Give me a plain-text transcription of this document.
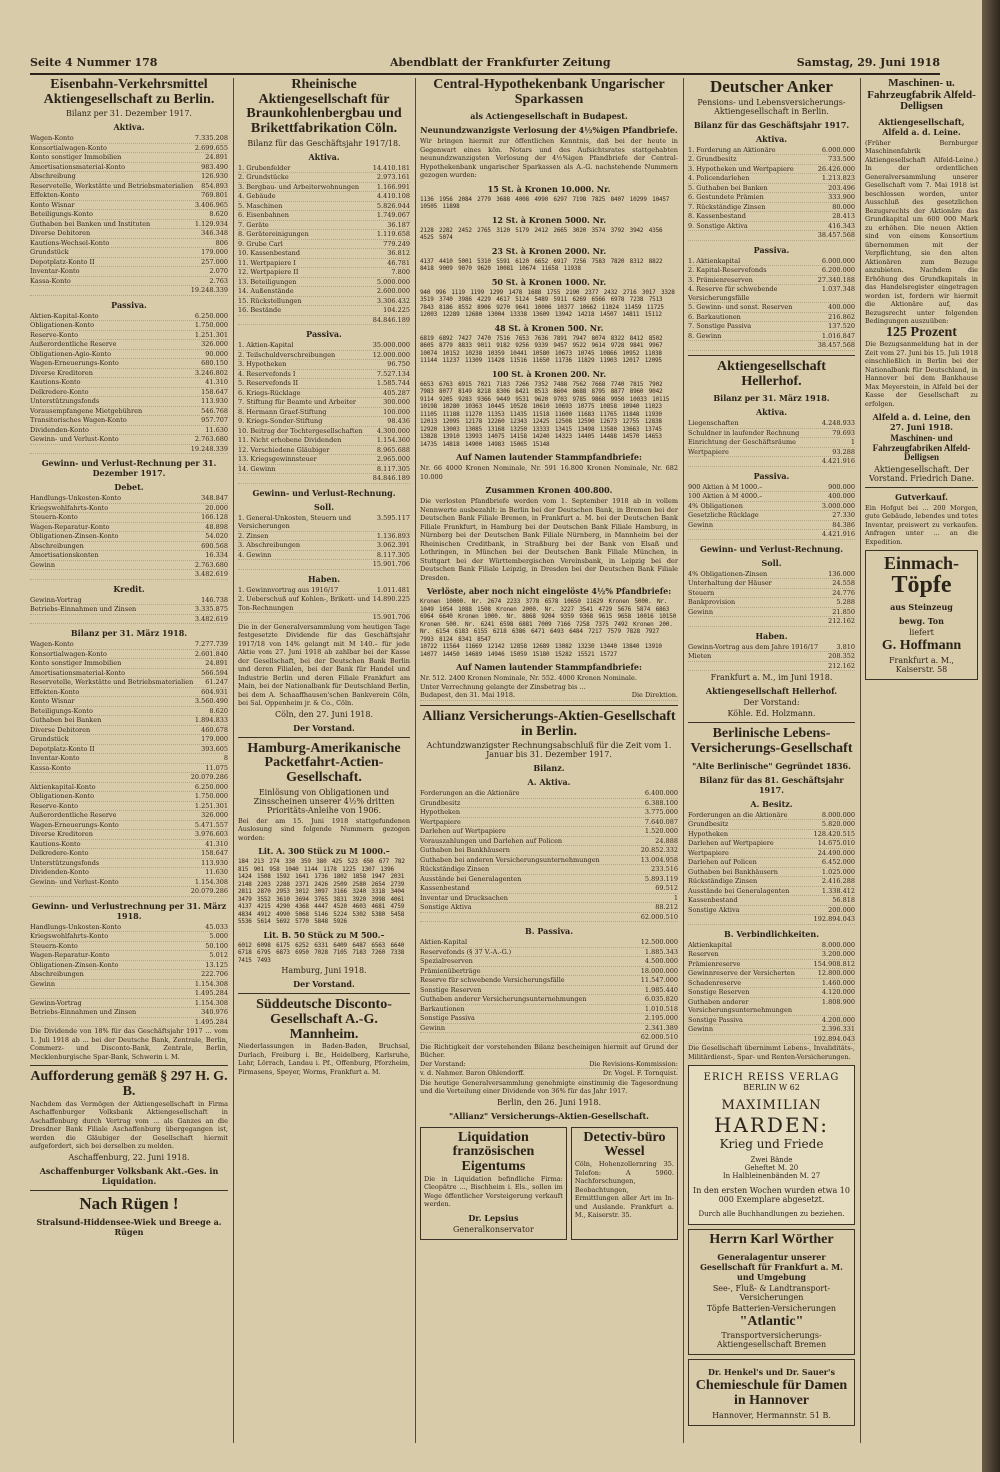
Seite 4 Nummer 178	Abendblatt der Frankfurter Zeitung	Samstag, 29. Juni 1918
Eisenbahn-Verkehrsmittel Aktiengesellschaft zu Berlin.
Bilanz per 31. Dezember 1917.
Aktiva.
Wagen-Konto	7.335.208
Konsortialwagen-Konto	2.699.655
Konto sonstiger Immobilien	24.891
Amortisationsmaterial-Konto	983.490
Abschreibung	126.930
Reservetelle, Werkstätte und Betriebsmaterialien 854.893
Effekten-Konto	769.801
Konto Wisnar	3.406.965
Beteiligungs-Konto	8.620
Guthaben bei Banken und Instituten	1.129.934
Diverse Debitoren	346.348
Kautions-Wechsel-Konto	806
Grundstück	179.000
Depotplatz-Konto II	257.000
Inventar-Konto	2.070
Kassa-Konto	2.763
19.248.339
Passiva.
Aktien-Kapital-Konto	6.250.000
Obligationen-Konto	1.750.000
Reserve-Konto	1.251.301
Außerordentliche Reserve	326.000
Obligationen-Agio-Konto	90.000
Wagen-Erneuerungs-Konto	680.150
Diverse Kreditoren	3.246.802
Kautions-Konto	41.310
Delkredere-Konto	158.647
Unterstützungsfonds	113.930
Vorausempfangene Mietgebühren	546.768
Transitorisches Wagen-Konto	957.707
Dividenden-Konto	11.630
Gewinn- und Verlust-Konto	2.763.680
19.248.339
Gewinn- und Verlust-Rechnung per 31. Dezember 1917.
Debet.
Handlungs-Unkosten-Konto	348.847
Kriegswohlfahrts-Konto	20.000
Steuern-Konto	166.128
Wagen-Reparatur-Konto	48.898
Obligationen-Zinsen-Konto	54.020
Abschreibungen	690.568
Amortisationskonten	16.334
Gewinn	2.763.680
3.482.619
Kredit.
Gewinn-Vortrag	146.738
Betriebs-Einnahmen und Zinsen	3.335.875
3.482.619
Bilanz per 31. März 1918.
Wagen-Konto	7.277.739
Konsortialwagen-Konto	2.601.840
Konto sonstiger Immobilien	24.891
Amortisationsmaterial-Konto	566.594
Reservetelle, Werkstätte und Betriebsmaterialien 61.247
Effekten-Konto	604.931
Konto Wisnar	3.560.490
Beteiligungs-Konto	8.620
Guthaben bei Banken	1.894.833
Diverse Debitoren	460.678
Grundstück	179.000
Depotplatz-Konto II	393.605
Inventar-Konto	8
Kassa-Konto	11.075
20.079.286
Aktienkapital-Konto	6.250.000
Obligationen-Konto	1.750.000
Reserve-Konto	1.251.301
Außerordentliche Reserve	326.000
Wagen-Erneuerungs-Konto	5.471.557
Diverse Kreditoren	3.976.603
Kautions-Konto	41.310
Delkredere-Konto	158.647
Unterstützungsfonds	113.930
Dividenden-Konto	11.630
Gewinn- und Verlust-Konto	1.154.308
20.079.286
Gewinn- und Verlustrechnung per 31. März 1918.
Handlungs-Unkosten-Konto	45.033
Kriegswohlfahrts-Konto	5.000
Steuern-Konto	50.100
Wagen-Reparatur-Konto	5.012
Obligationen-Zinsen-Konto	13.125
Abschreibungen	222.706
Gewinn	1.154.308
1.495.284
Gewinn-Vortrag	1.154.308
Betriebs-Einnahmen und Zinsen	340.976
1.495.284
Die Dividende von 18% für das Geschäftsjahr 1917 ... vom 1. Juli 1918 ab ... bei der Deutsche Bank, Zentrale, Berlin, Commerz- und Disconto-Bank, Zentrale, Berlin, Mecklenburgische Spar-Bank, Schwerin i. M.
Aufforderung gemäß § 297 H. G. B.
Nachdem das Vermögen der Aktiengesellschaft in Firma Aschaffenburger Volksbank Aktiengesellschaft in Aschaffenburg durch Vertrag vom ... als Ganzes an die Dresdner Bank Filiale Aschaffenburg übergegangen ist, werden die Gläubiger der Gesellschaft hiermit aufgefordert, sich bei derselben zu melden.
Aschaffenburg, 22. Juni 1918.
Aschaffenburger Volksbank Akt.-Ges. in Liquidation.
Nach Rügen !
Stralsund-Hiddensee-Wiek und Breege a. Rügen
Rheinische Aktiengesellschaft für Braunkohlenbergbau und Brikettfabrikation Cöln.
Bilanz für das Geschäftsjahr 1917/18.
Aktiva.
1. Grubenfelder	14.410.181
2. Grundstücke	2.973.161
3. Bergbau- und Arbeiterwohnungen	1.166.991
4. Gebäude	4.410.108
5. Maschinen	5.826.944
6. Eisenbahnen	1.749.067
7. Geräte	36.187
8. Gerätereinigungen	1.119.658
9. Grube Carl	779.249
10. Kassenbestand	36.812
11. Wertpapiere I	46.781
12. Wertpapiere II	7.800
13. Beteiligungen	5.000.000
14. Außenstände	2.600.000
15. Rückstellungen	3.306.432
16. Bestände	104.225
84.846.189
Passiva.
1. Aktien-Kapital	35.000.000
2. Teilschuldverschreibungen	12.000.000
3. Hypotheken	96.750
4. Reservefonds I	7.527.134
5. Reservefonds II	1.585.744
6. Kriegs-Rücklage	405.287
7. Stiftung für Beamte und Arbeiter	300.000
8. Hermann Graef-Stiftung	100.000
9. Kriegs-Sonder-Stiftung	98.436
10. Beitrag der Tochtergesellschaften 4.300.000
11. Nicht erhobene Dividenden	1.154.360
12. Verschiedene Gläubiger	8.965.688
13. Kriegsgewinnsteuer	2.965.000
14. Gewinn	8.117.305
84.846.189
Gewinn- und Verlust-Rechnung.
Soll.
1. General-Unkosten, Steuern und Versicherungen
3.595.117
2. Zinsen	1.136.893
3. Abschreibungen	3.062.391
4. Gewinn	8.117.305
15.901.706
Haben.
1. Gewinnvortrag aus 1916/17	1.011.481
2. Ueberschuß auf Kohlen-, Brikett- und Ton-Rechnungen
14.890.225
15.901.706
Die in der Generalversammlung vom heutigen Tage festgesetzte Dividende für das Geschäftsjahr 1917/18 von 14% gelangt mit M 140.– für jede Aktie vom 27. Juni 1918 ab zahlbar bei der Kasse der Gesellschaft, bei der Deutschen Bank Berlin und deren Filialen, bei der Bank für Handel und Industrie Berlin und deren Filiale Frankfurt am Main, bei der Nationalbank für Deutschland Berlin, bei dem A. Schaaffhausen'schen Bankverein Cöln, bei Sal. Oppenheim jr. & Co., Cöln.
Cöln, den 27. Juni 1918.
Der Vorstand.
Hamburg-Amerikanische Packetfahrt-Actien-Gesellschaft.
Einlösung von Obligationen und Zinsscheinen unserer 4½% dritten Prioritäts-Anleihe von 1906.
Bei der am 15. Juni 1918 stattgefundenen Auslosung sind folgende Nummern gezogen worden:
Lit. A. 300 Stück zu M 1000.–
184 213 274 330 359 380 425 523 650 677 782 815 901 958 1040 1144 1178 1225 1307 1396 1424 1508 1592 1641 1736 1802 1858 1947 2031 2148 2203 2288 2371 2426 2509 2580 2654 2739 2811 2870 2953 3012 3097 3166 3240 3318 3404 3479 3552 3610 3694 3765 3831 3920 3998 4061 4137 4215 4290 4368 4447 4520 4603 4681 4759 4834 4912 4990 5068 5146 5224 5302 5380 5458 5536 5614 5692 5770 5848 5926
Lit. B. 50 Stück zu M 500.–
6012 6098 6175 6252 6331 6409 6487 6563 6640 6718 6795 6873 6950 7028 7105 7183 7260 7338 7415 7493
Hamburg, Juni 1918.
Der Vorstand.
Süddeutsche Disconto-Gesellschaft A.-G. Mannheim.
Niederlassungen in Baden-Baden, Bruchsal, Durlach, Freiburg i. Br., Heidelberg, Karlsruhe, Lahr, Lörrach, Landau i. Pf., Offenburg, Pforzheim, Pirmasens, Speyer, Worms, Frankfurt a. M.
Central-Hypothekenbank Ungarischer Sparkassen
als Actiengesellschaft in Budapest.
Neunundzwanzigste Verlosung der 4½%igen Pfandbriefe.
Wir bringen hiermit zur öffentlichen Kenntnis, daß bei der heute in Gegenwart eines kön. Notars und des Aufsichtsrates stattgehabten neunundzwanzigsten Verlosung der 4½%igen Pfandbriefe der Central-Hypothekenbank ungarischer Sparkassen als A.-G. nachstehende Nummern gezogen wurden:
15 St. à Kronen 10.000. Nr.
1136 1956 2084 2779 3688 4008 4990 6297 7198 7825 8407 10299 10457 10505 11898
12 St. à Kronen 5000. Nr.
2128 2282 2452 2765 3120 5179 2412 2665 3020 3574 3792 3942 4356 4525 5074
23 St. à Kronen 2000. Nr.
4137 4410 5001 5310 5591 6120 6652 6917 7256 7583 7820 8312 8822 8418 9009 9070 9620 10081 10674 11658 11938
50 St. à Kronen 1000. Nr.
940 996 1119 1199 1299 1478 1688 1755 2190 2377 2432 2716 3017 3328 3519 3740 3986 4229 4617 5124 5489 5911 6269 6566 6978 7238 7513 7843 8186 8552 8906 9270 9641 10006 10377 10662 11024 11459 11725 12003 12289 12680 13004 13338 13609 13942 14218 14507 14811 15112
48 St. à Kronen 500. Nr.
6819 6892 7427 7470 7516 7653 7636 7891 7947 8074 8322 8412 8502 8605 8779 8833 9011 9182 9256 9339 9457 9522 9614 9728 9841 9967 10074 10152 10238 10359 10441 10580 10673 10745 10866 10952 11038 11144 11237 11309 11428 11516 11650 11736 11829 11903 12017 12095
100 St. à Kronen 200. Nr.
6653 6763 6915 7021 7183 7266 7352 7488 7562 7668 7740 7815 7902 7983 8077 8149 8218 8306 8421 8513 8604 8688 8795 8877 8960 9042 9114 9205 9283 9366 9449 9531 9620 9703 9785 9868 9950 10033 10115 10198 10280 10363 10445 10528 10610 10693 10775 10858 10940 11023 11105 11188 11270 11353 11435 11518 11600 11683 11765 11848 11930 12013 12095 12178 12260 12343 12425 12508 12590 12673 12755 12838 12920 13003 13085 13168 13250 13333 13415 13498 13580 13663 13745 13828 13910 13993 14075 14158 14240 14323 14405 14488 14570 14653 14735 14818 14900 14983 15065 15148
Auf Namen lautender Stammpfandbriefe:
Nr. 66 4000 Kronen Nominale, Nr. 591 16.800 Kronen Nominale, Nr. 682 10.000
Zusammen Kronen 400.800.
Die verlosten Pfandbriefe werden vom 1. September 1918 ab in vollem Nennwerte ausbezahlt: in Berlin bei der Deutschen Bank, in Bremen bei der Deutschen Bank Filiale Bremen, in Frankfurt a. M. bei der Deutschen Bank Filiale Frankfurt, in Hamburg bei der Deutschen Bank Filiale Hamburg, in Nürnberg bei der Deutschen Bank Filiale Nürnberg, in Mannheim bei der Rheinischen Creditbank, in Straßburg bei der Bank von Elsaß und Lothringen, in München bei der Deutschen Bank Filiale München, in Stuttgart bei der Württembergischen Vereinsbank, in Leipzig bei der Deutschen Bank Filiale Leipzig, in Dresden bei der Deutschen Bank Filiale Dresden.
Verlöste, aber noch nicht eingelöste 4½% Pfandbriefe:
Kronen 10000. Nr. 2674 2233 3778 6578 10650 11629 Kronen 5000. Nr. 1049 1054 1088 1508 Kronen 2000. Nr. 3227 3541 4729 5676 5874 6863 6964 6640 Kronen 1000. Nr. 8868 9204 9359 9368 9615 9658 10016 10150 Kronen 500. Nr. 6241 6598 6881 7009 7166 7258 7375 7492 Kronen 200. Nr. 6154 6183 6155 6218 6386 6471 6493 6484 7217 7579 7828 7927 7993 8124 8341 8547
10722 11564 11669 12142 12858 12689 13082 13230 13440 13840 13910 14077 14450 14689 14946 15059 15180 15282 15521 15727
Auf Namen lautender Stammpfandbriefe:
Nr. 512. 2400 Kronen Nominale, Nr. 552. 4000 Kronen Nominale.
Unter Verrechnung gelangte der Zinsbetrag bis ...
Budapest, den 31. Mai 1918.	Die Direktion.
Allianz Versicherungs-Aktien-Gesellschaft in Berlin.
Achtundzwanzigster Rechnungsabschluß für die Zeit vom 1. Januar bis 31. Dezember 1917.
Bilanz.
A. Aktiva.
Forderungen an die Aktionäre	6.400.000
Grundbesitz	6.388.100
Hypotheken	3.775.000
Wertpapiere	7.640.087
Darlehen auf Wertpapiere	1.520.000
Vorauszahlungen und Darlehen auf Policen	24.888
Guthaben bei Bankhäusern	20.852.332
Guthaben bei anderen Versicherungsunternehmungen	13.004.958
Rückständige Zinsen	233.516
Ausstände bei Generalagenten	5.893.119
Kassenbestand	69.512
Inventar und Drucksachen	1
Sonstige Aktiva	88.212
62.000.510
B. Passiva.
Aktien-Kapital	12.500.000
Reservefonds (§ 37 V.-A.-G.)	1.885.343
Spezialreserven	4.500.000
Prämienüberträge	18.000.000
Reserve für schwebende Versicherungsfälle	11.547.000
Sonstige Reserven	1.985.440
Guthaben anderer Versicherungsunternehmungen	6.035.820
Barkautionen	1.010.518
Sonstige Passiva	2.195.000
Gewinn	2.341.389
62.000.510
Die Richtigkeit der vorstehenden Bilanz bescheinigen hiermit auf Grund der Bücher.
Der Vorstand:	Die Revisions-Kommission:
v. d. Nahmer. Baron Ohlendorff.	Dr. Vogel. F. Tornquist.
Die heutige Generalversammlung genehmigte einstimmig die Tagesordnung und die Verteilung einer Dividende von 36% für das Jahr 1917.
Berlin, den 26. Juni 1918.
"Allianz" Versicherungs-Aktien-Gesellschaft.
Liquidation französischen Eigentums
Die in Liquidation befindliche Firma: Cleopâtre ..., Bischheim i. Els., sollen im Wege öffentlicher Versteigerung verkauft werden.
Dr. Lepsius
Generalkonservator
Detectiv-büro Wessel
Cöln, Hohenzollernring 35. Telefon: A 5960. Nachforschungen, Beobachtungen, Ermittlungen aller Art im In- und Auslande. Frankfurt a. M., Kaiserstr. 35.
Deutscher Anker
Pensions- und Lebensversicherungs-Aktiengesellschaft in Berlin.
Bilanz für das Geschäftsjahr 1917.
Aktiva.
1. Forderung an Aktionäre	6.000.000
2. Grundbesitz	733.500
3. Hypotheken und Wertpapiere	26.426.000
4. Policendarlehen	1.213.823
5. Guthaben bei Banken	203.496
6. Gestundete Prämien	333.900
7. Rückständige Zinsen	80.000
8. Kassenbestand	28.413
9. Sonstige Aktiva	416.343
38.457.568
Passiva.
1. Aktienkapital	6.000.000
2. Kapital-Reservefonds	6.200.000
3. Prämienreserven	27.340.188
4. Reserve für schwebende Versicherungsfälle
1.037.348
5. Gewinn- und sonst. Reserven	400.000
6. Barkautionen	216.862
7. Sonstige Passiva	137.520
8. Gewinn	1.016.847
38.457.568
Aktiengesellschaft Hellerhof.
Bilanz per 31. März 1918.
Aktiva.
Liegenschaften	4.248.933
Schuldner in laufender Rechnung	79.693
Einrichtung der Geschäftsräume	1
Wertpapiere	93.288
4.421.916
Passiva.
900 Aktien à M 1000.–	900.000
100 Aktien à M 4000.–	400.000
4% Obligationen	3.000.000
Gesetzliche Rücklage	27.330
Gewinn	84.386
4.421.916
Gewinn- und Verlust-Rechnung.
Soll.
4% Obligationen-Zinsen	136.000
Unterhaltung der Häuser	24.558
Steuern	24.776
Bankprovision	5.288
Gewinn	21.850
212.162
Haben.
Gewinn-Vortrag aus dem Jahre 1916/17	3.810
Mieten	208.352
212.162
Frankfurt a. M., im Juni 1918.
Aktiengesellschaft Hellerhof.
Der Vorstand:
Köhle. Ed. Holzmann.
Berlinische Lebens-Versicherungs-Gesellschaft
"Alte Berlinische" Gegründet 1836.
Bilanz für das 81. Geschäftsjahr 1917.
A. Besitz.
Forderungen an die Aktionäre	8.000.000
Grundbesitz	5.820.000
Hypotheken	128.420.515
Darlehen auf Wertpapiere	14.675.010
Wertpapiere	24.490.000
Darlehen auf Policen	6.452.000
Guthaben bei Bankhäusern	1.025.000
Rückständige Zinsen	2.416.288
Ausstände bei Generalagenten	1.338.412
Kassenbestand	56.818
Sonstige Aktiva	200.000
192.894.043
B. Verbindlichkeiten.
Aktienkapital	8.000.000
Reserven	3.200.000
Prämienreserve	154.908.812
Gewinnreserve der Versicherten	12.800.000
Schadenreserve	1.460.000
Sonstige Reserven	4.120.000
Guthaben anderer Versicherungsunternehmungen
1.808.900
Sonstige Passiva	4.200.000
Gewinn	2.396.331
192.894.043
Die Gesellschaft übernimmt Lebens-, Invaliditäts-, Militärdienst-, Spar- und Renten-Versicherungen.
ERICH REISS VERLAG
BERLIN W 62
MAXIMILIAN
HARDEN:
Krieg und Friede
Zwei Bände
Geheftet M. 20
In Halbleinenbänden M. 27
In den ersten Wochen wurden etwa 10 000 Exemplare abgesetzt.
Durch alle Buchhandlungen zu beziehen.
Herrn Karl Wörther
Generalagentur unserer Gesellschaft für Frankfurt a. M. und Umgebung
See-, Fluß- & Landtransport-Versicherungen
Töpfe Batterien-Versicherungen
"Atlantic"
Transportversicherungs-Aktiengesellschaft Bremen
Dr. Henkel's und Dr. Sauer's
Chemieschule für Damen in Hannover
Hannover, Hermannstr. 51 B.
Maschinen- u. Fahrzeugfabrik Alfeld-Delligsen
Aktiengesellschaft, Alfeld a. d. Leine.
(Früher Bernburger Maschinenfabrik Aktiengesellschaft Alfeld-Leine.) In der ordentlichen Generalversammlung unserer Gesellschaft vom 7. Mai 1918 ist beschlossen worden, unter Ausschluß des gesetzlichen Bezugsrechts der Aktionäre das Grundkapital um 600 000 Mark zu erhöhen. Die neuen Aktien sind von einem Konsortium übernommen mit der Verpflichtung, sie den alten Aktionären zum Bezuge anzubieten. Nachdem die Erhöhung des Grundkapitals in das Handelsregister eingetragen worden ist, fordern wir hiermit die Aktionäre auf, das Bezugsrecht unter folgenden Bedingungen auszuüben:
125 Prozent
Die Bezugsanmeldung hat in der Zeit vom 27. Juni bis 15. Juli 1918 einschließlich in Berlin bei der Nationalbank für Deutschland, in Hannover bei dem Bankhause Max Meyerstein, in Alfeld bei der Kasse der Gesellschaft zu erfolgen.
Alfeld a. d. Leine, den 27. Juni 1918.
Maschinen- und Fahrzeugfabriken Alfeld-Delligsen
Aktiengesellschaft. Der Vorstand. Friedrich Dane.
Gutverkauf.
Ein Hofgut bei ... 200 Morgen, gute Gebäude, lebendes und totes Inventar, preiswert zu verkaufen. Anfragen unter ... an die Expedition.
Einmach-
Töpfe
aus Steinzeug
bewg. Ton
liefert
G. Hoffmann
Frankfurt a. M., Kaiserstr. 58
